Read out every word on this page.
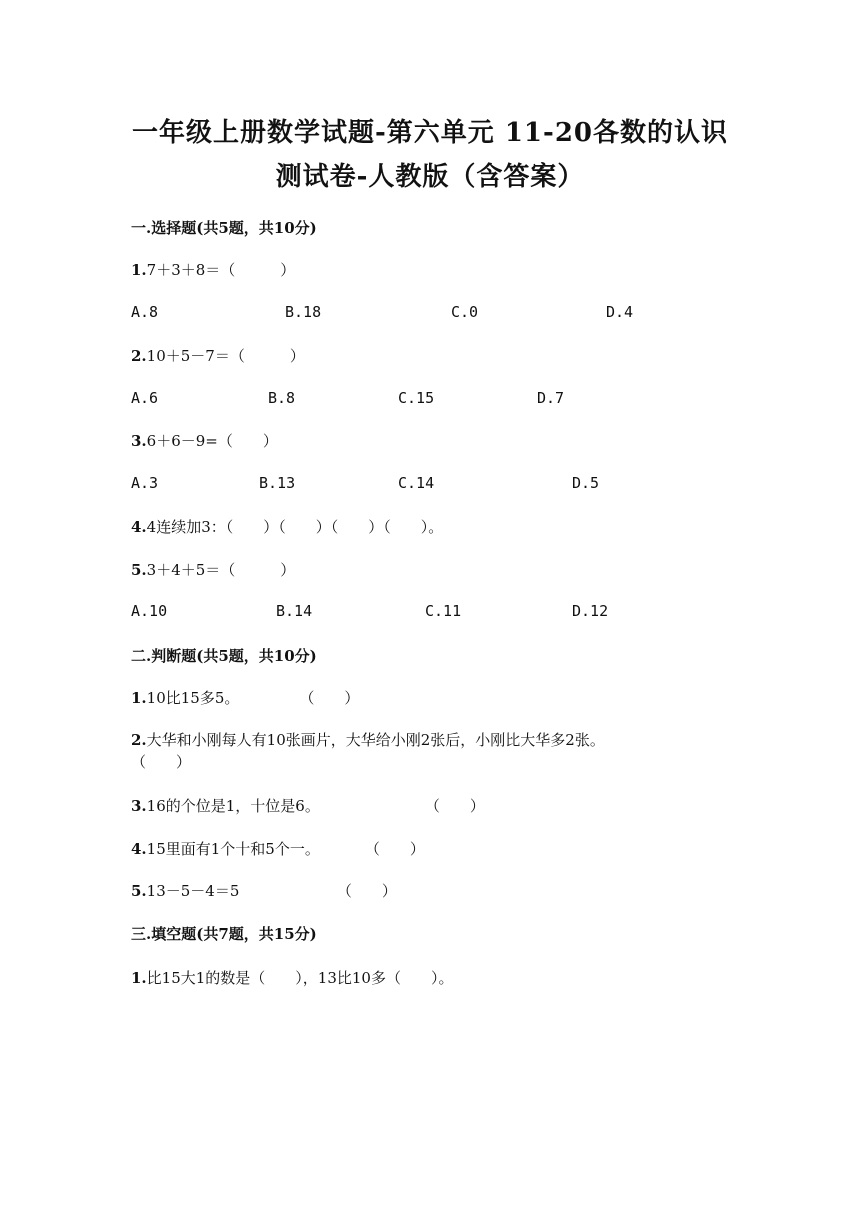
一年级上册数学试题-第六单元 11-20各数的认识
测试卷-人教版（含答案）
一.选择题(共5题，共10分)
1.7＋3＋8＝（　　　）
A.8	B.18	C.0	D.4
2.10＋5－7＝（　　　）
A.6	B.8	C.15	D.7
3.6＋6－9=（　　）
A.3	B.13	C.14	D.5
4.4连续加3：（　　）（　　）（　　）（　　）。
5.3＋4＋5＝（　　　）
A.10	B.14	C.11	D.12
二.判断题(共5题，共10分)
1.10比15多5。　　　　　（　　）
2.大华和小刚每人有10张画片，大华给小刚2张后，小刚比大华多2张。　　　（　　）
3.16的个位是1，十位是6。　　　　　　　　（　　）
4.15里面有1个十和5个一。　　　　（　　）
5.13－5－4＝5　　　　　　　（　　）
三.填空题(共7题，共15分)
1.比15大1的数是（　　），13比10多（　　）。
